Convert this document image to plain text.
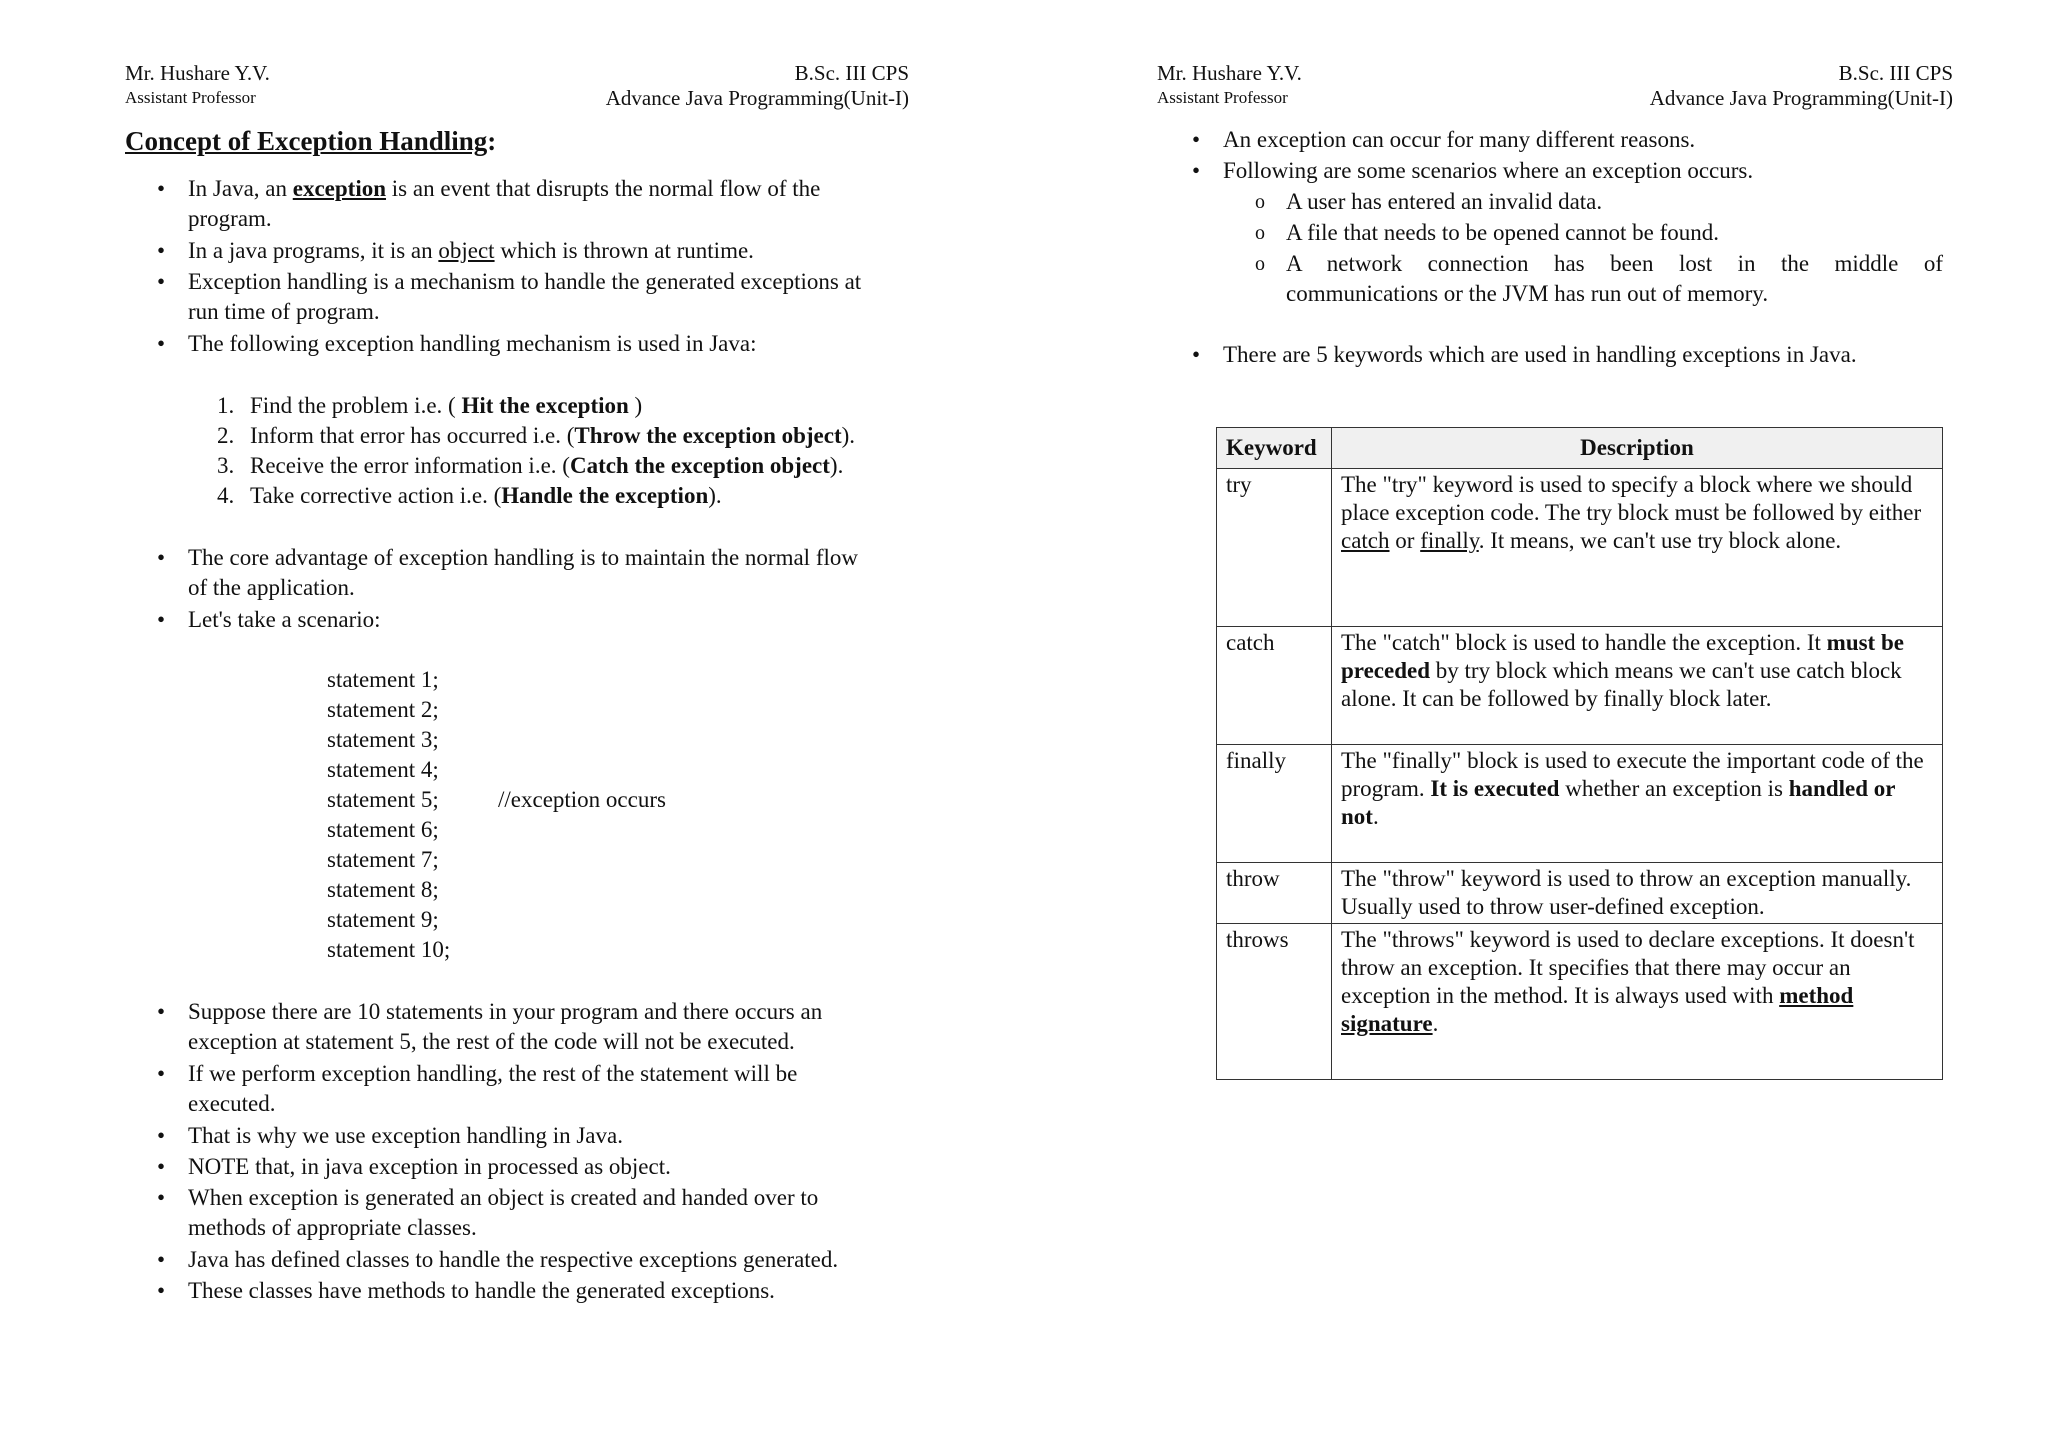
Mr. Hushare Y.V.
Assistant Professor
B.Sc. III CPS
Advance Java Programming(Unit-I)
Concept of Exception Handling:
• In Java, an exception is an event that disrupts the normal flow of the
program.
• In a java programs, it is an object which is thrown at runtime.
• Exception handling is a mechanism to handle the generated exceptions at
run time of program.
• The following exception handling mechanism is used in Java:
1. Find the problem i.e. ( Hit the exception )
2. Inform that error has occurred i.e. (Throw the exception object).
3. Receive the error information i.e. (Catch the exception object).
4. Take corrective action i.e. (Handle the exception).
• The core advantage of exception handling is to maintain the normal flow
of the application.
• Let's take a scenario:
statement 1;
statement 2;
statement 3;
statement 4;
statement 5;	//exception occurs
statement 6;
statement 7;
statement 8;
statement 9;
statement 10;
• Suppose there are 10 statements in your program and there occurs an
exception at statement 5, the rest of the code will not be executed.
• If we perform exception handling, the rest of the statement will be
executed.
• That is why we use exception handling in Java.
• NOTE that, in java exception in processed as object.
• When exception is generated an object is created and handed over to
methods of appropriate classes.
• Java has defined classes to handle the respective exceptions generated.
• These classes have methods to handle the generated exceptions.
Mr. Hushare Y.V.
Assistant Professor
B.Sc. III CPS
Advance Java Programming(Unit-I)
• An exception can occur for many different reasons.
• Following are some scenarios where an exception occurs.
o A user has entered an invalid data.
o A file that needs to be opened cannot be found.
o A network connection has been lost in the middle of
communications or the JVM has run out of memory.
• There are 5 keywords which are used in handling exceptions in Java.
Keyword	Description
try	The "try" keyword is used to specify a block where we should place exception code. The try block must be followed by either catch or finally. It means, we can't use try block alone.
catch	The "catch" block is used to handle the exception. It must be preceded by try block which means we can't use catch block alone. It can be followed by finally block later.
finally	The "finally" block is used to execute the important code of the program. It is executed whether an exception is handled or not.
throw	The "throw" keyword is used to throw an exception manually. Usually used to throw user-defined exception.
throws	The "throws" keyword is used to declare exceptions. It doesn't throw an exception. It specifies that there may occur an exception in the method. It is always used with method signature.
